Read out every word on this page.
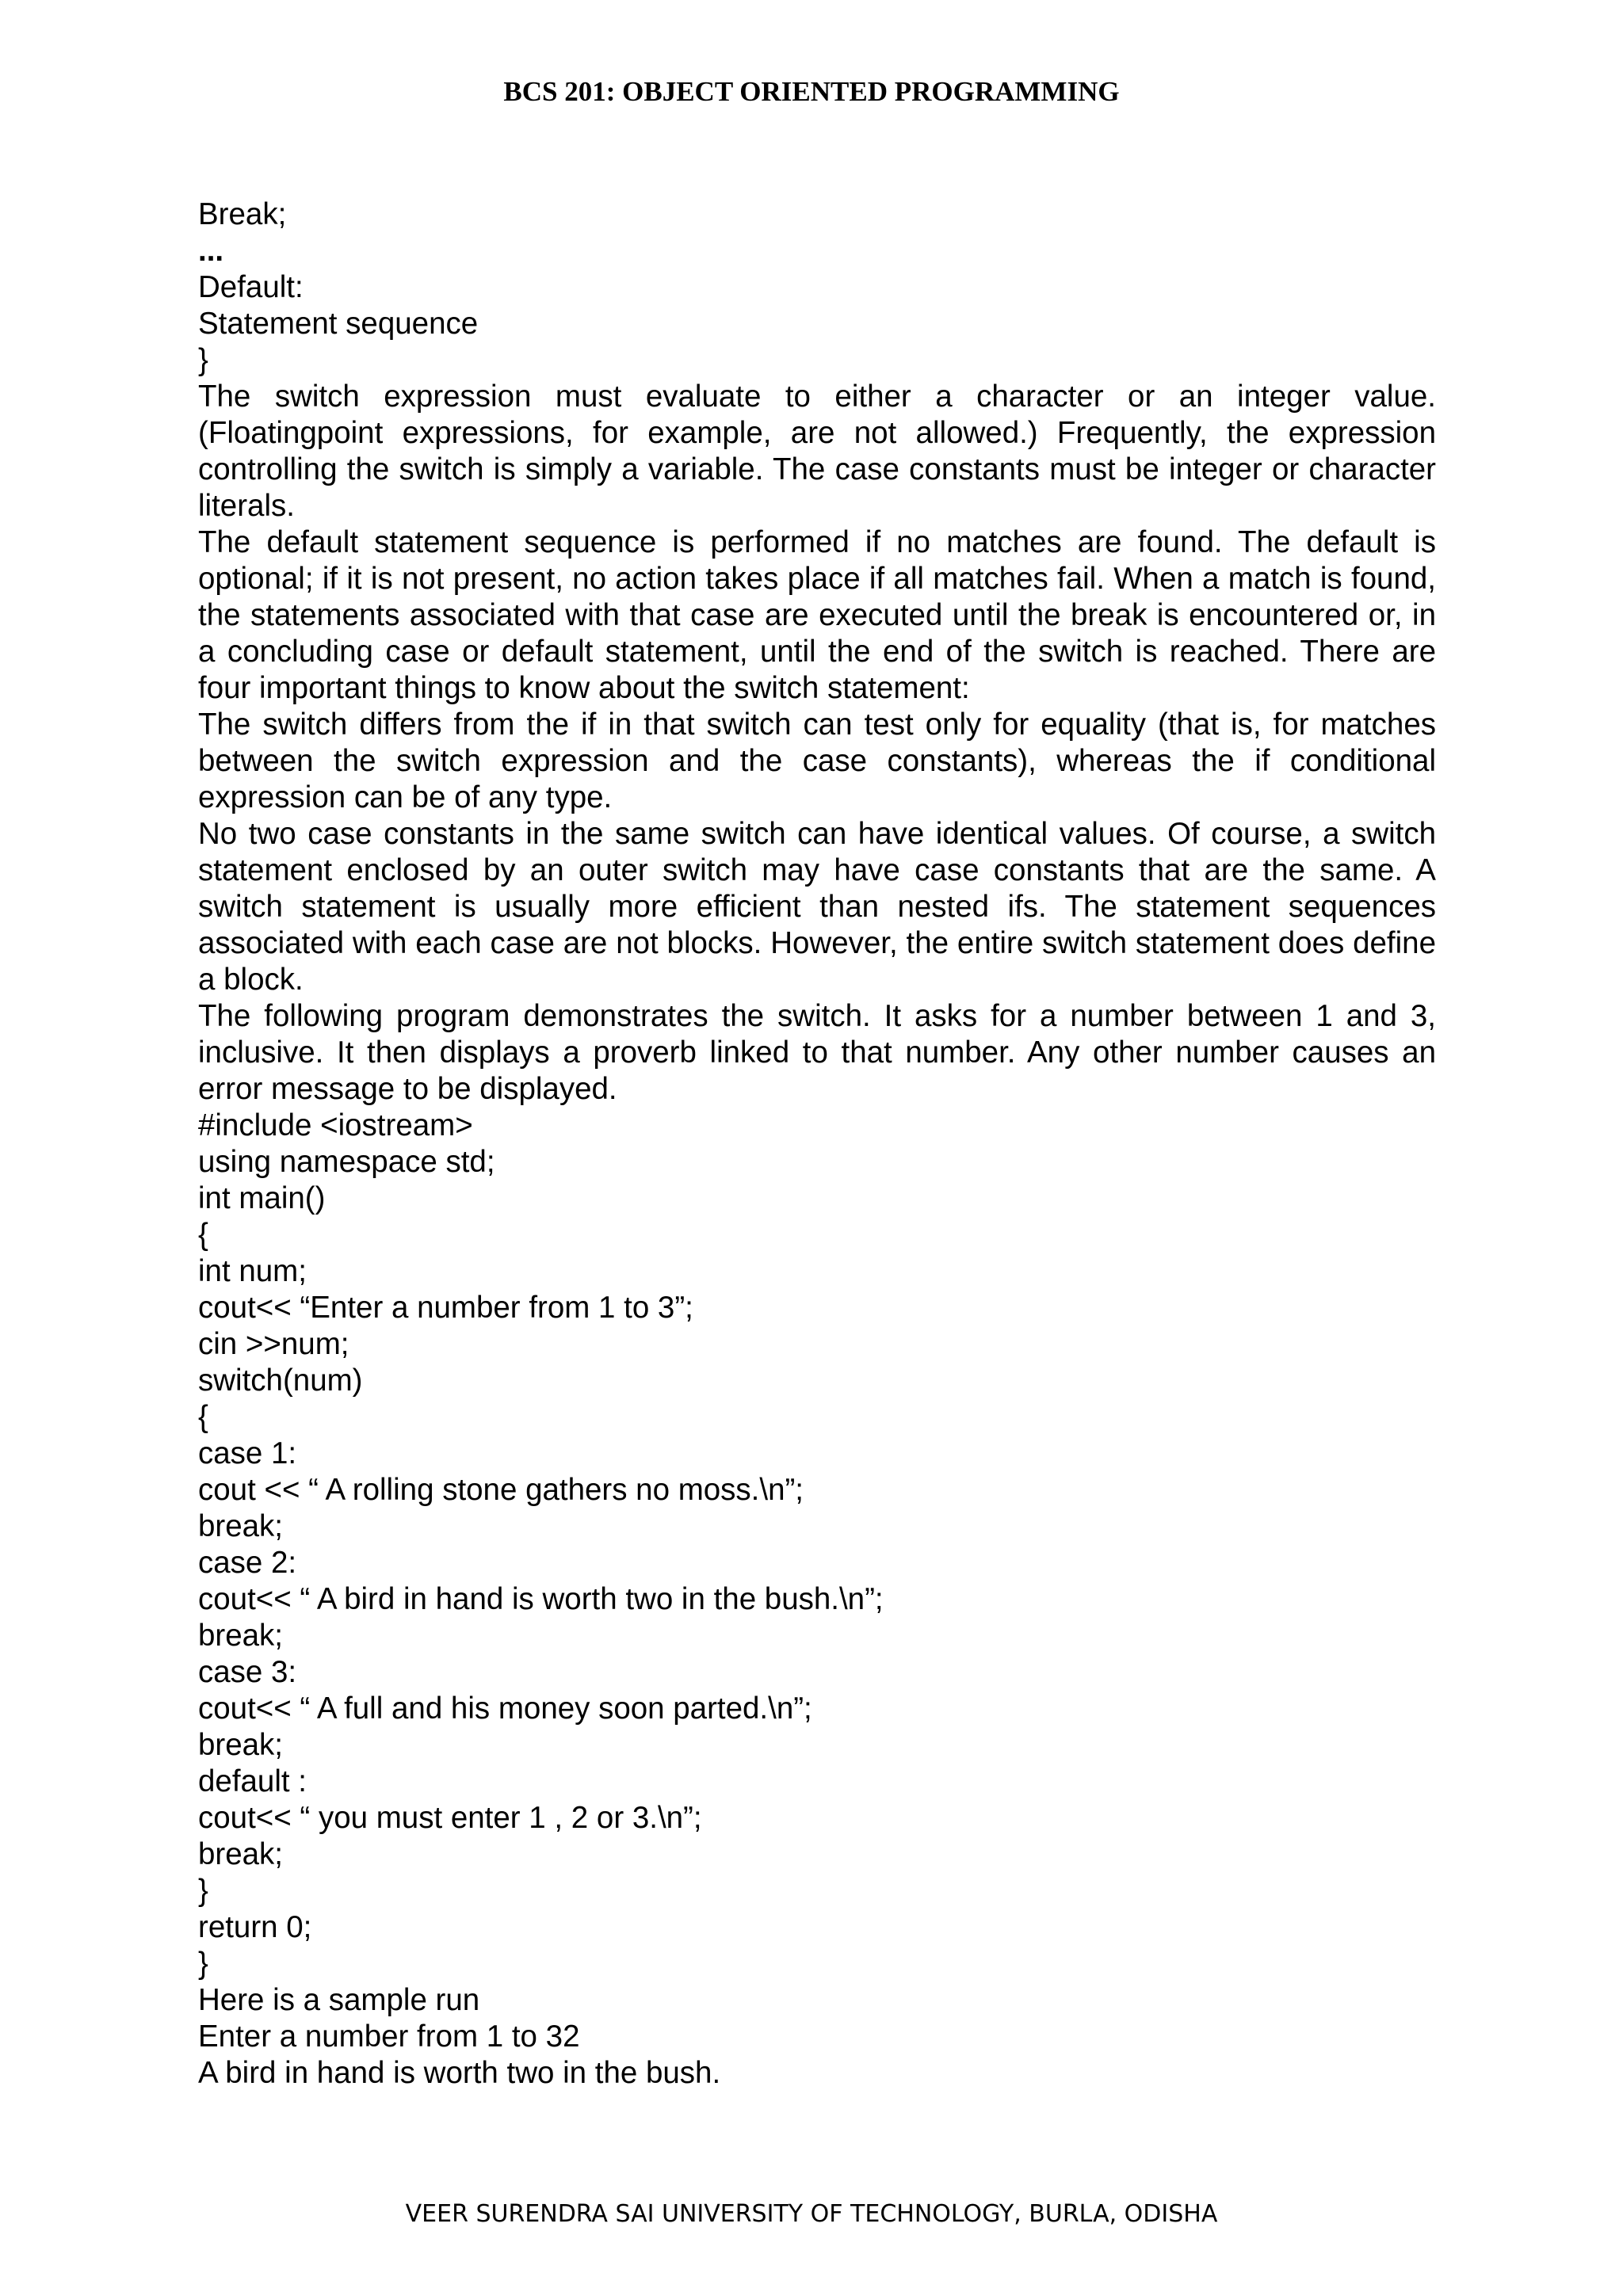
BCS 201: OBJECT ORIENTED PROGRAMMING
Break;
...
Default:
Statement sequence
}

The switch expression must evaluate to either a character or an integer value. (Floatingpoint expressions, for example, are not allowed.) Frequently, the expression controlling the switch is simply a variable. The case constants must be integer or character literals.

The default statement sequence is performed if no matches are found. The default is optional; if it is not present, no action takes place if all matches fail. When a match is found, the statements associated with that case are executed until the break is encountered or, in a concluding case or default statement, until the end of the switch is reached. There are four important things to know about the switch statement:

The switch differs from the if in that switch can test only for equality (that is, for matches between the switch expression and the case constants), whereas the if conditional expression can be of any type.

No two case constants in the same switch can have identical values. Of course, a switch statement enclosed by an outer switch may have case constants that are the same. A switch statement is usually more efficient than nested ifs. The statement sequences associated with each case are not blocks. However, the entire switch statement does define a block.

The following program demonstrates the switch. It asks for a number between 1 and 3, inclusive. It then displays a proverb linked to that number. Any other number causes an error message to be displayed.

#include <iostream>
using namespace std;
int main()
{
int num;
cout<< “Enter a number from 1 to 3”;
cin >>num;
switch(num)
{
case 1:
cout << “ A rolling stone gathers no moss.\n”;
break;
case 2:
cout<< “ A bird in hand is worth two in the bush.\n”;
break;
case 3:
cout<< “ A full and his money soon parted.\n”;
break;
default :
cout<< “ you must enter 1 , 2 or 3.\n”;
break;
}
return 0;
}
Here is a sample run
Enter a number from 1 to 32
A bird in hand is worth two in the bush.
VEER SURENDRA SAI UNIVERSITY OF TECHNOLOGY, BURLA, ODISHA
